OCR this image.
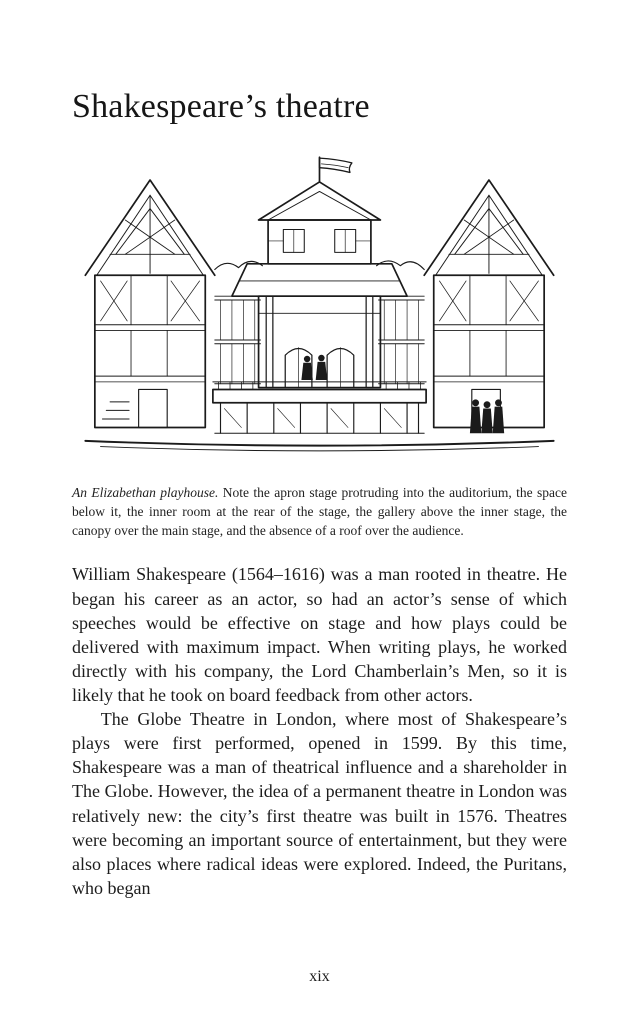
Shakespeare’s theatre
An Elizabethan playhouse. Note the apron stage protruding into the auditorium, the space below it, the inner room at the rear of the stage, the gallery above the inner stage, the canopy over the main stage, and the absence of a roof over the audience.

William Shakespeare (1564–1616) was a man rooted in theatre. He began his career as an actor, so had an actor’s sense of which speeches would be effective on stage and how plays could be delivered with maximum impact. When writing plays, he worked directly with his company, the Lord Chamberlain’s Men, so it is likely that he took on board feedback from other actors.

The Globe Theatre in London, where most of Shakespeare’s plays were first performed, opened in 1599. By this time, Shakespeare was a man of theatrical influence and a shareholder in The Globe. However, the idea of a permanent theatre in London was relatively new: the city’s first theatre was built in 1576. Theatres were becoming an important source of entertainment, but they were also places where radical ideas were explored. Indeed, the Puritans, who began

xix
